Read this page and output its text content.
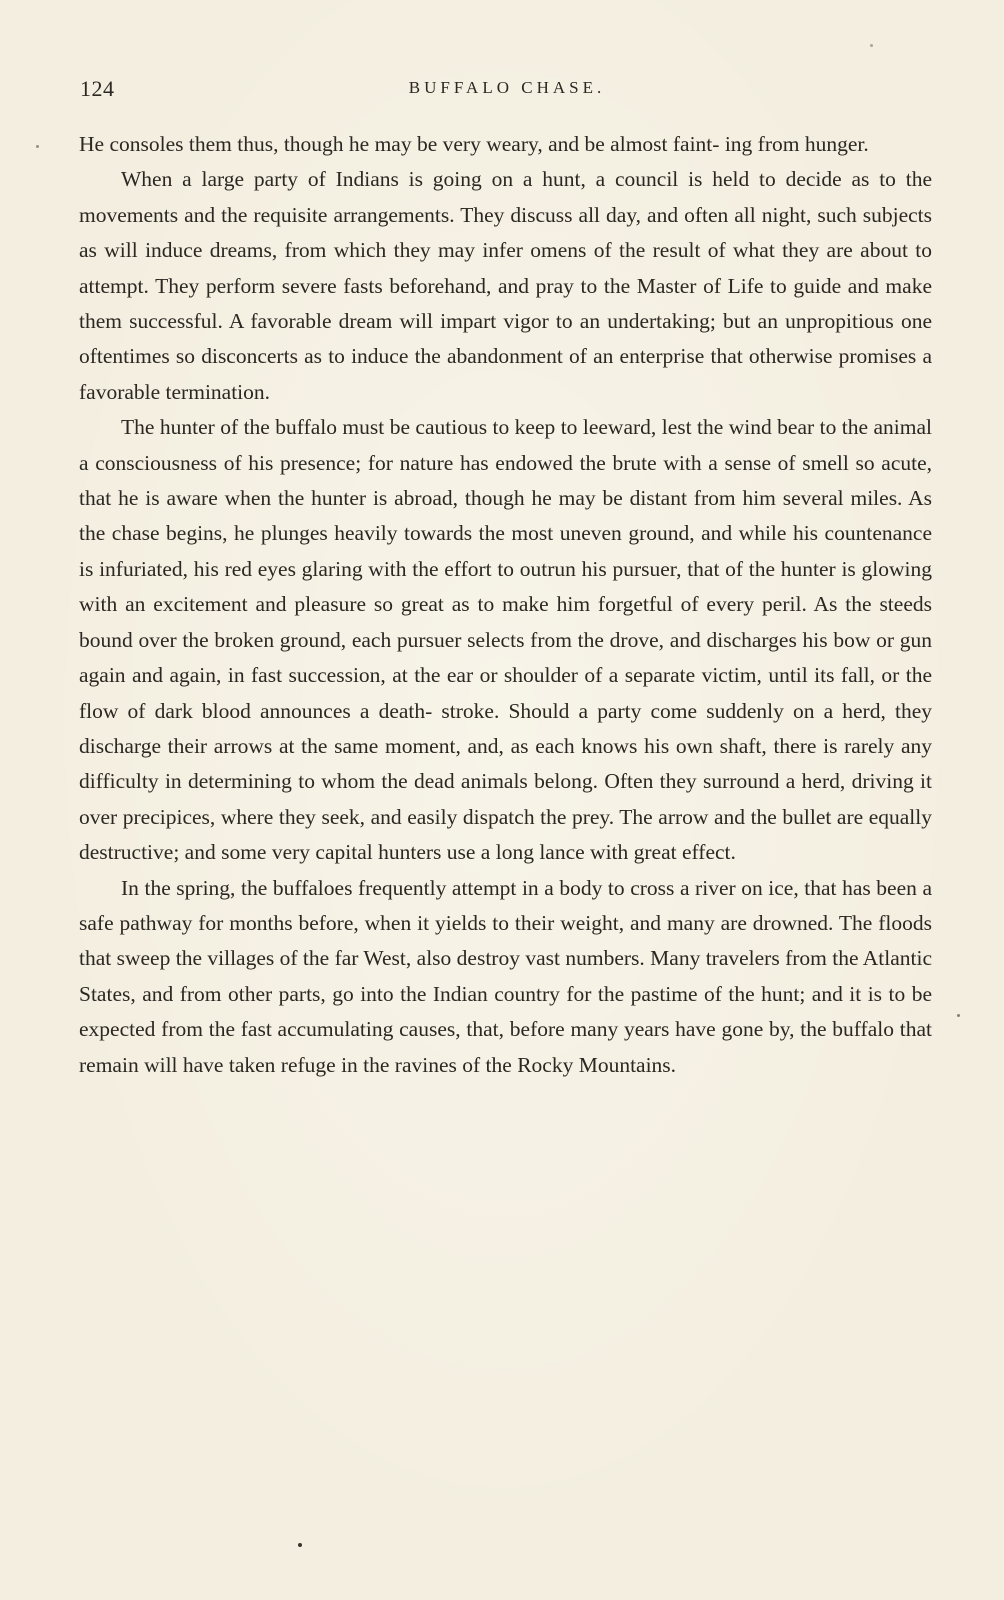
124	BUFFALO CHASE.

He consoles them thus, though he may be very weary, and be almost faint- ing from hunger.

When a large party of Indians is going on a hunt, a council is held to decide as to the movements and the requisite arrangements. They discuss all day, and often all night, such subjects as will induce dreams, from which they may infer omens of the result of what they are about to attempt. They perform severe fasts beforehand, and pray to the Master of Life to guide and make them successful. A favorable dream will impart vigor to an undertaking; but an unpropitious one oftentimes so disconcerts as to induce the abandonment of an enterprise that otherwise promises a favorable termination.

The hunter of the buffalo must be cautious to keep to leeward, lest the wind bear to the animal a consciousness of his presence; for nature has endowed the brute with a sense of smell so acute, that he is aware when the hunter is abroad, though he may be distant from him several miles. As the chase begins, he plunges heavily towards the most uneven ground, and while his countenance is infuriated, his red eyes glaring with the effort to outrun his pursuer, that of the hunter is glowing with an excitement and pleasure so great as to make him forgetful of every peril. As the steeds bound over the broken ground, each pursuer selects from the drove, and discharges his bow or gun again and again, in fast succession, at the ear or shoulder of a separate victim, until its fall, or the flow of dark blood announces a death- stroke. Should a party come suddenly on a herd, they discharge their arrows at the same moment, and, as each knows his own shaft, there is rarely any difficulty in determining to whom the dead animals belong. Often they surround a herd, driving it over precipices, where they seek, and easily dispatch the prey. The arrow and the bullet are equally destructive; and some very capital hunters use a long lance with great effect.

In the spring, the buffaloes frequently attempt in a body to cross a river on ice, that has been a safe pathway for months before, when it yields to their weight, and many are drowned. The floods that sweep the villages of the far West, also destroy vast numbers. Many travelers from the Atlantic States, and from other parts, go into the Indian country for the pastime of the hunt; and it is to be expected from the fast accumulating causes, that, before many years have gone by, the buffalo that remain will have taken refuge in the ravines of the Rocky Mountains.
